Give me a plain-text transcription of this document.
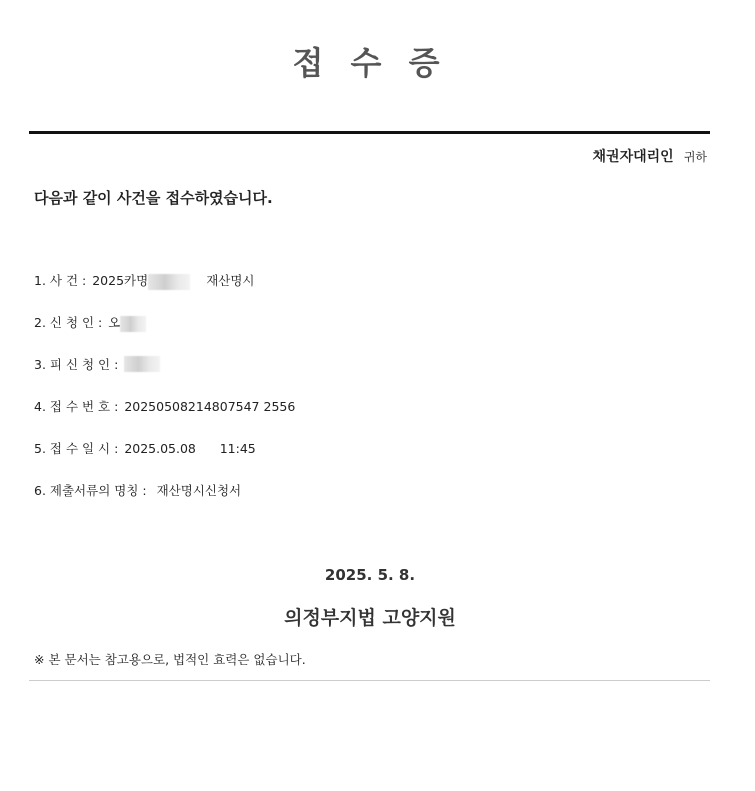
접 수 증
채권자대리인 귀하
다음과 같이 사건을 접수하였습니다.
1. 사 건 : 2025카명	재산명시
2. 신 청 인 : 오
3. 피 신 청 인 :
4. 접 수 번 호 : 20250508214807547 2556
5. 접 수 일 시 : 2025.05.08      11:45
6. 제출서류의 명칭 : 재산명시신청서
2025. 5. 8.
의정부지법 고양지원
※ 본 문서는 참고용으로, 법적인 효력은 없습니다.
